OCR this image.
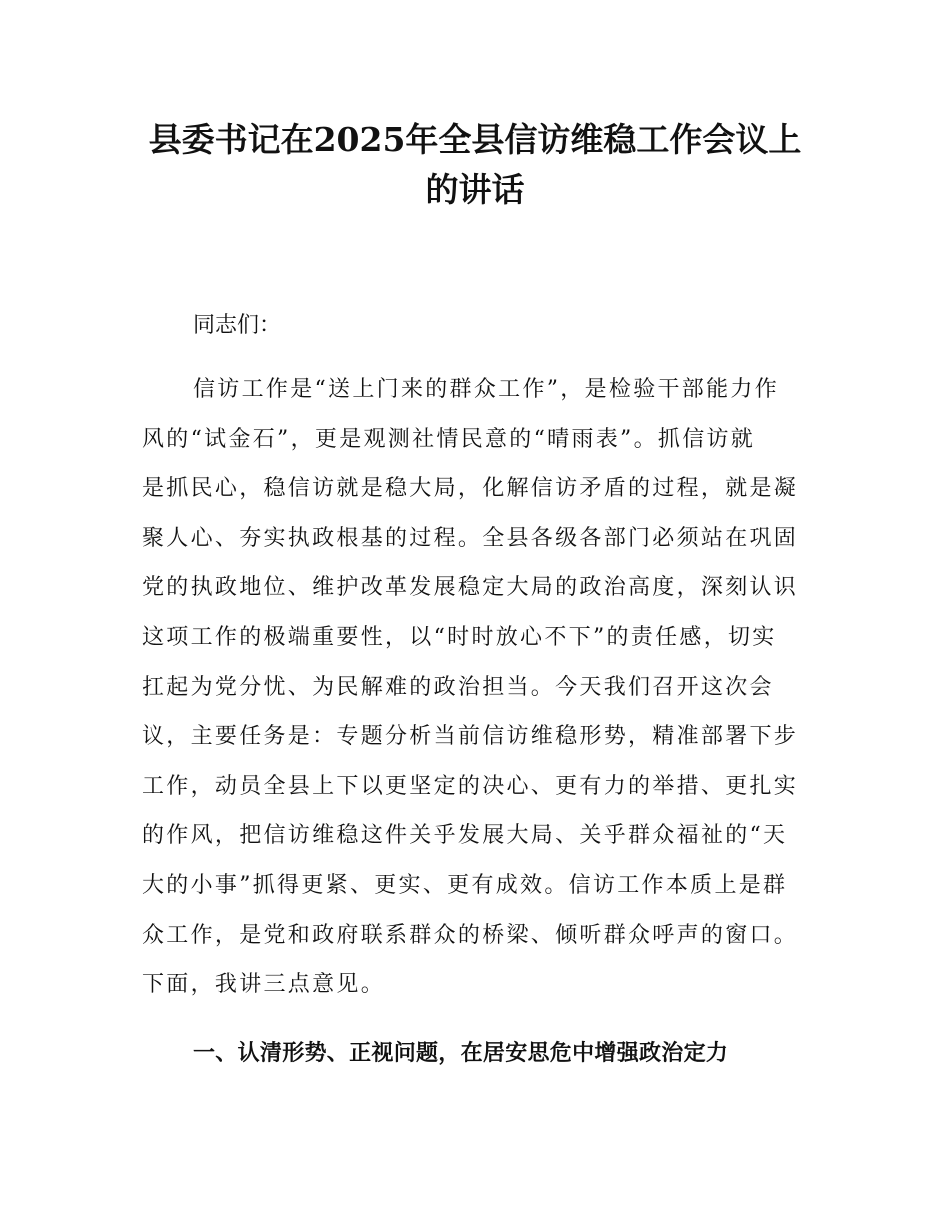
县委书记在2025年全县信访维稳工作会议上
的讲话

同志们：

信访工作是“送上门来的群众工作”，是检验干部能力作
风的“试金石”，更是观测社情民意的“晴雨表”。抓信访就
是抓民心，稳信访就是稳大局，化解信访矛盾的过程，就是凝
聚人心、夯实执政根基的过程。全县各级各部门必须站在巩固
党的执政地位、维护改革发展稳定大局的政治高度，深刻认识
这项工作的极端重要性，以“时时放心不下”的责任感，切实
扛起为党分忧、为民解难的政治担当。今天我们召开这次会
议，主要任务是：专题分析当前信访维稳形势，精准部署下步
工作，动员全县上下以更坚定的决心、更有力的举措、更扎实
的作风，把信访维稳这件关乎发展大局、关乎群众福祉的“天
大的小事”抓得更紧、更实、更有成效。信访工作本质上是群
众工作，是党和政府联系群众的桥梁、倾听群众呼声的窗口。
下面，我讲三点意见。
一、认清形势、正视问题，在居安思危中增强政治定力
